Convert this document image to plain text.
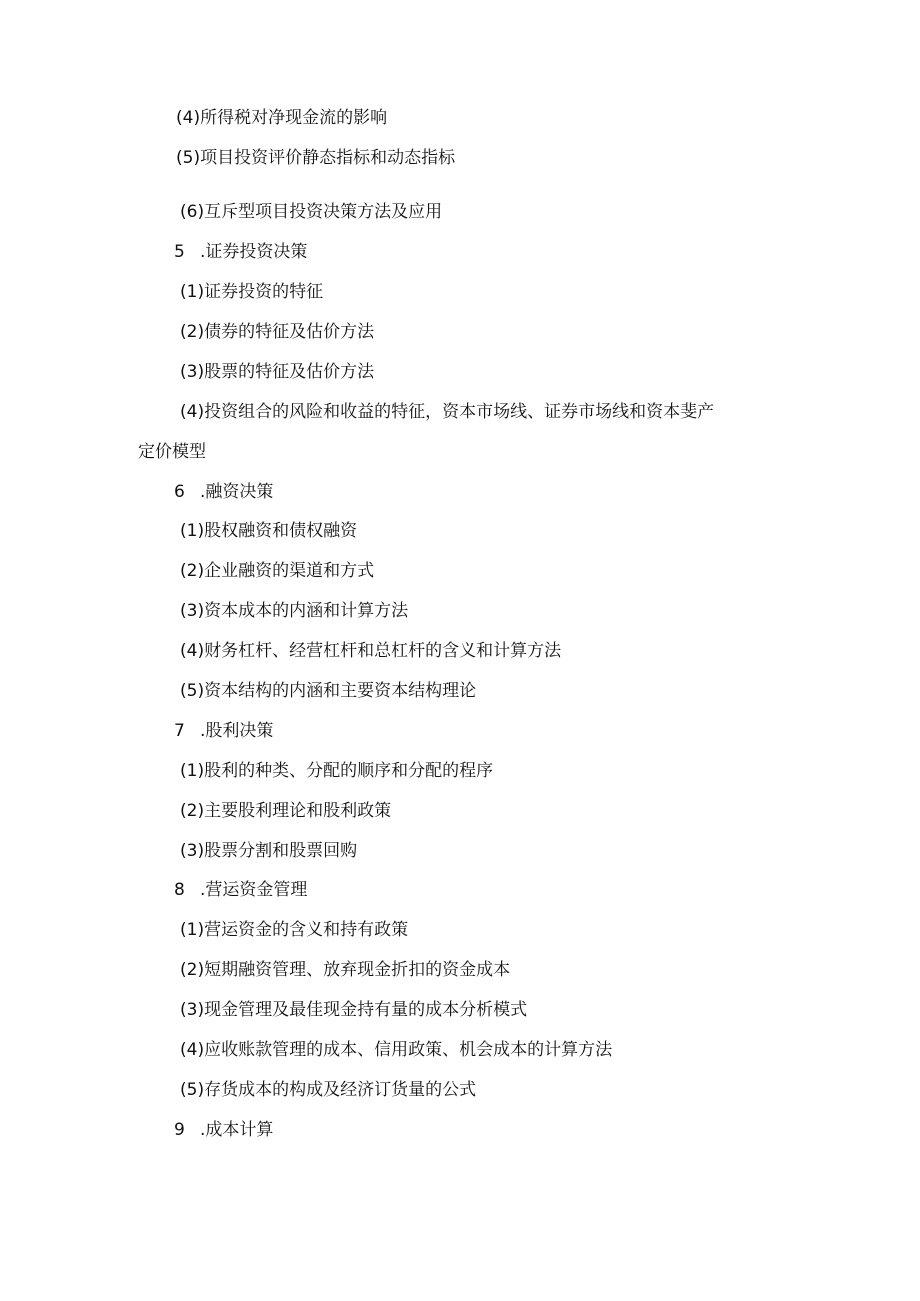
(4)所得税对净现金流的影响
(5)项目投资评价静态指标和动态指标
(6)互斥型项目投资决策方法及应用
5 .证券投资决策
(1)证券投资的特征
(2)债券的特征及估价方法
(3)股票的特征及估价方法
(4)投资组合的风险和收益的特征，资本市场线、证券市场线和资本斐产
定价模型
6 .融资决策
(1)股权融资和债权融资
(2)企业融资的渠道和方式
(3)资本成本的内涵和计算方法
(4)财务杠杆、经营杠杆和总杠杆的含义和计算方法
(5)资本结构的内涵和主要资本结构理论
7 .股利决策
(1)股利的种类、分配的顺序和分配的程序
(2)主要股利理论和股利政策
(3)股票分割和股票回购
8 .营运资金管理
(1)营运资金的含义和持有政策
(2)短期融资管理、放弃现金折扣的资金成本
(3)现金管理及最佳现金持有量的成本分析模式
(4)应收账款管理的成本、信用政策、机会成本的计算方法
(5)存货成本的构成及经济订货量的公式
9 .成本计算
